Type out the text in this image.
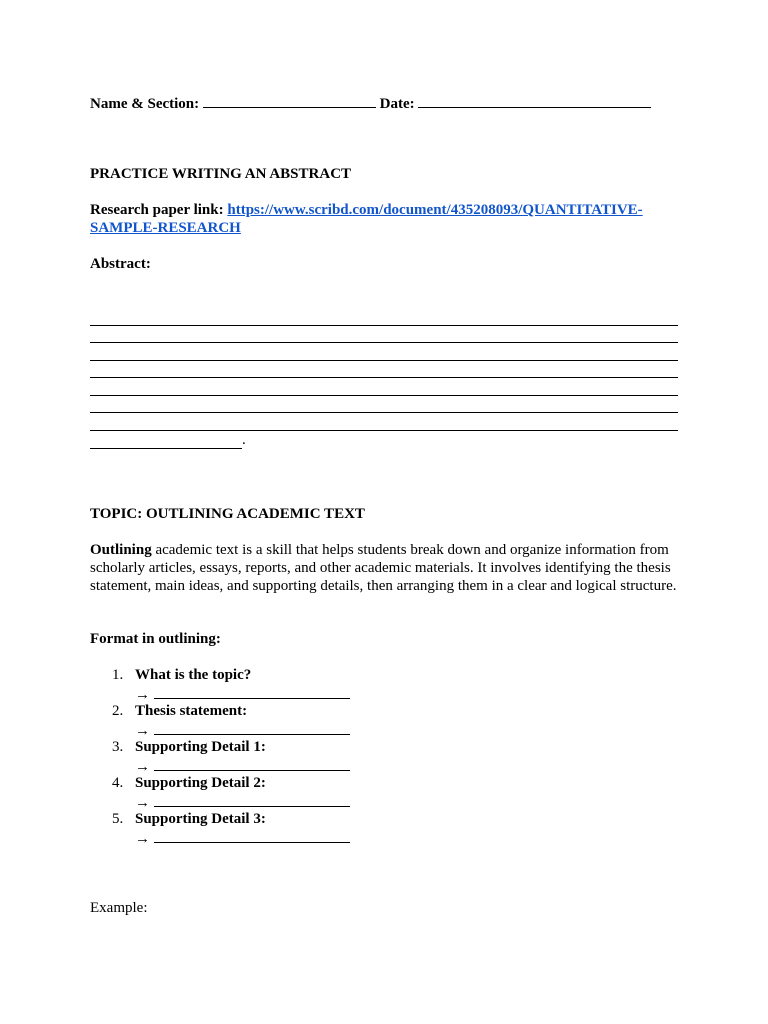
Name & Section:	Date:
PRACTICE WRITING AN ABSTRACT
Research paper link: https://www.scribd.com/document/435208093/QUANTITATIVE-SAMPLE-RESEARCH
Abstract:
.
TOPIC: OUTLINING ACADEMIC TEXT
Outlining academic text is a skill that helps students break down and organize information from scholarly articles, essays, reports, and other academic materials. It involves identifying the thesis statement, main ideas, and supporting details, then arranging them in a clear and logical structure.
Format in outlining:
1. What is the topic?
→
2. Thesis statement:
→
3. Supporting Detail 1:
→
4. Supporting Detail 2:
→
5. Supporting Detail 3:
→
Example:
